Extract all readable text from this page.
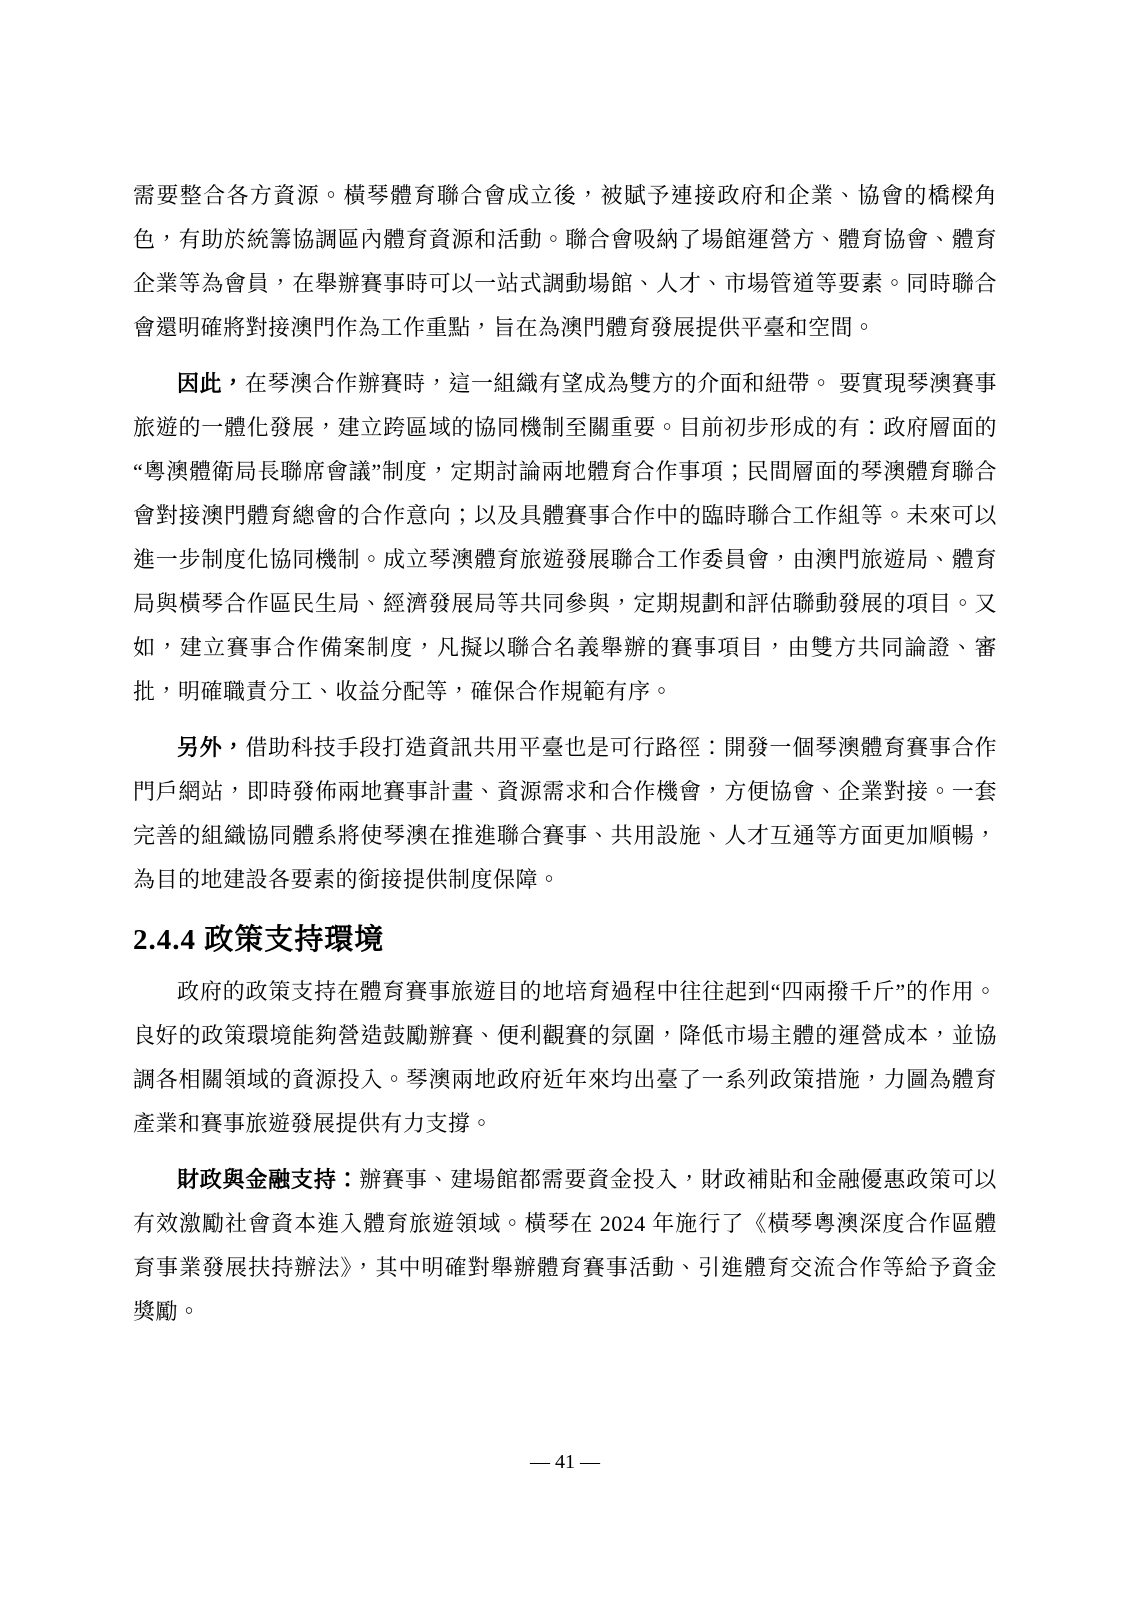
需要整合各方資源。橫琴體育聯合會成立後，被賦予連接政府和企業、協會的橋樑角色，有助於統籌協調區內體育資源和活動。聯合會吸納了場館運營方、體育協會、體育企業等為會員，在舉辦賽事時可以一站式調動場館、人才、市場管道等要素。同時聯合會還明確將對接澳門作為工作重點，旨在為澳門體育發展提供平臺和空間。

因此，在琴澳合作辦賽時，這一組織有望成為雙方的介面和紐帶。 要實現琴澳賽事旅遊的一體化發展，建立跨區域的協同機制至關重要。目前初步形成的有：政府層面的“粵澳體衛局長聯席會議”制度，定期討論兩地體育合作事項；民間層面的琴澳體育聯合會對接澳門體育總會的合作意向；以及具體賽事合作中的臨時聯合工作組等。未來可以進一步制度化協同機制。成立琴澳體育旅遊發展聯合工作委員會，由澳門旅遊局、體育局與橫琴合作區民生局、經濟發展局等共同參與，定期規劃和評估聯動發展的項目。又如，建立賽事合作備案制度，凡擬以聯合名義舉辦的賽事項目，由雙方共同論證、審批，明確職責分工、收益分配等，確保合作規範有序。

另外，借助科技手段打造資訊共用平臺也是可行路徑：開發一個琴澳體育賽事合作門戶網站，即時發佈兩地賽事計畫、資源需求和合作機會，方便協會、企業對接。一套完善的組織協同體系將使琴澳在推進聯合賽事、共用設施、人才互通等方面更加順暢，為目的地建設各要素的銜接提供制度保障。

2.4.4 政策支持環境

政府的政策支持在體育賽事旅遊目的地培育過程中往往起到“四兩撥千斤”的作用。良好的政策環境能夠營造鼓勵辦賽、便利觀賽的氛圍，降低市場主體的運營成本，並協調各相關領域的資源投入。琴澳兩地政府近年來均出臺了一系列政策措施，力圖為體育產業和賽事旅遊發展提供有力支撐。

財政與金融支持：辦賽事、建場館都需要資金投入，財政補貼和金融優惠政策可以有效激勵社會資本進入體育旅遊領域。橫琴在 2024 年施行了《橫琴粵澳深度合作區體育事業發展扶持辦法》，其中明確對舉辦體育賽事活動、引進體育交流合作等給予資金獎勵。

— 41 —
